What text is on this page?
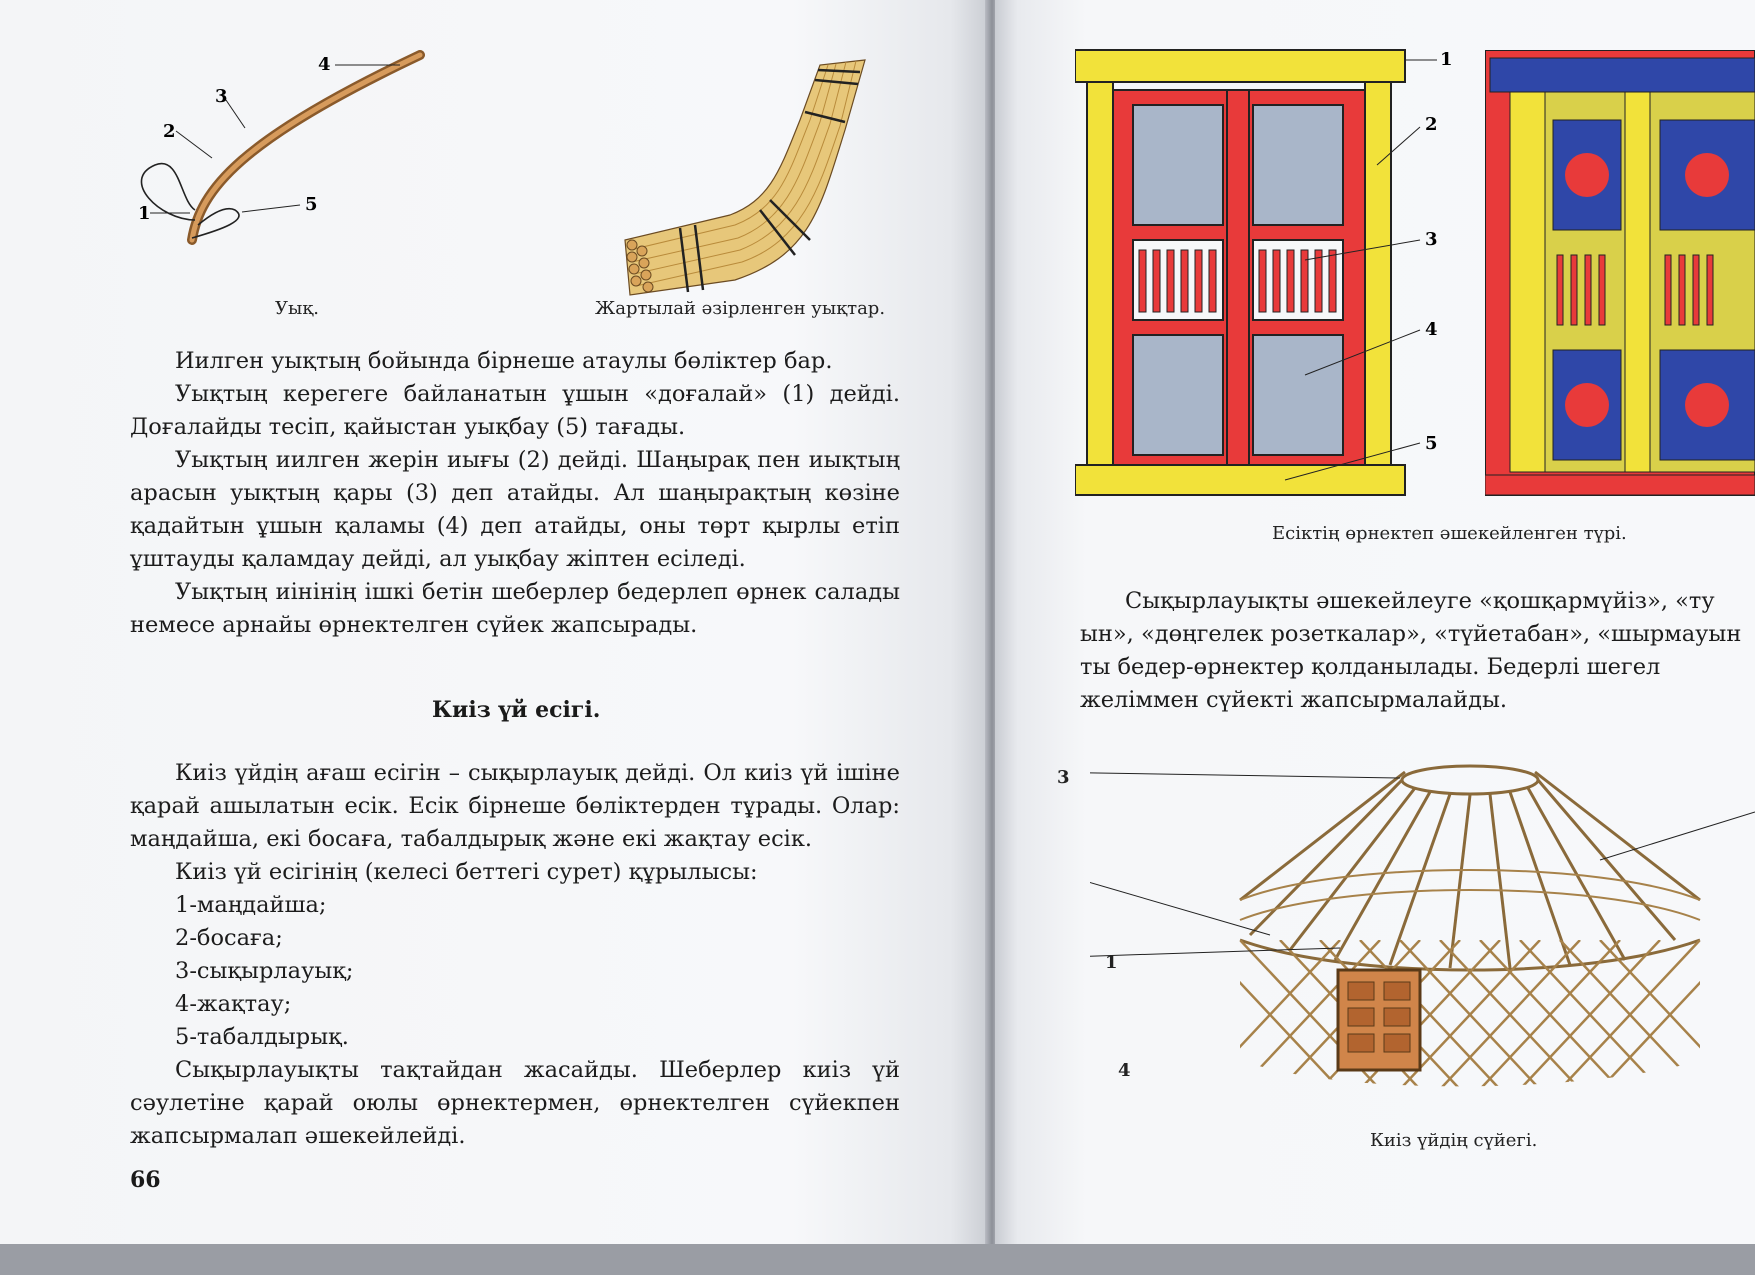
1
2
3
4
5
Уық.	Жартылай әзірленген уықтар.

Иилген уықтың бойында бірнеше атаулы бөліктер бар.

Уықтың керегеге байланатын ұшын «доғалай» (1) дейді. Доғалайды тесіп, қайыстан уықбау (5) тағады.

Уықтың иилген жерін иығы (2) дейді. Шаңырақ пен иықтың арасын уықтың қары (3) деп атайды. Ал шаңырақтың көзіне қадайтын ұшын қаламы (4) деп атайды, оны төрт қырлы етіп ұштауды қаламдау дейді, ал уықбау жіптен есіледі.

Уықтың иінінің ішкі бетін шеберлер бедерлеп өрнек салады немесе арнайы өрнектелген сүйек жапсырады.

Киіз үй есігі.

Киіз үйдің ағаш есігін – сықырлауық дейді. Ол киіз үй ішіне қарай ашылатын есік. Есік бірнеше бөліктерден тұрады. Олар: маңдайша, екі босаға, табалдырық және екі жақтау есік.

Киіз үй есігінің (келесі беттегі сурет) құрылысы:

1-маңдайша;

2-босаға;

3-сықырлауық;

4-жақтау;

5-табалдырық.

Сықырлауықты тақтайдан жасайды. Шеберлер киіз үй сәулетіне қарай оюлы өрнектермен, өрнектелген сүйекпен жапсырмалап әшекейлейді.

66
1
2
3
4
5
Есіктің өрнектеп әшекейленген түрі.
Сықырлауықты әшекейлеуге «қошқармүйіз», «ту
ын», «дөңгелек розеткалар», «түйетабан», «шырмауын
ты бедер-өрнектер қолданылады. Бедерлі шегел
желіммен сүйекті жапсырмалайды.
3
1
4
Киіз үйдің сүйегі.
